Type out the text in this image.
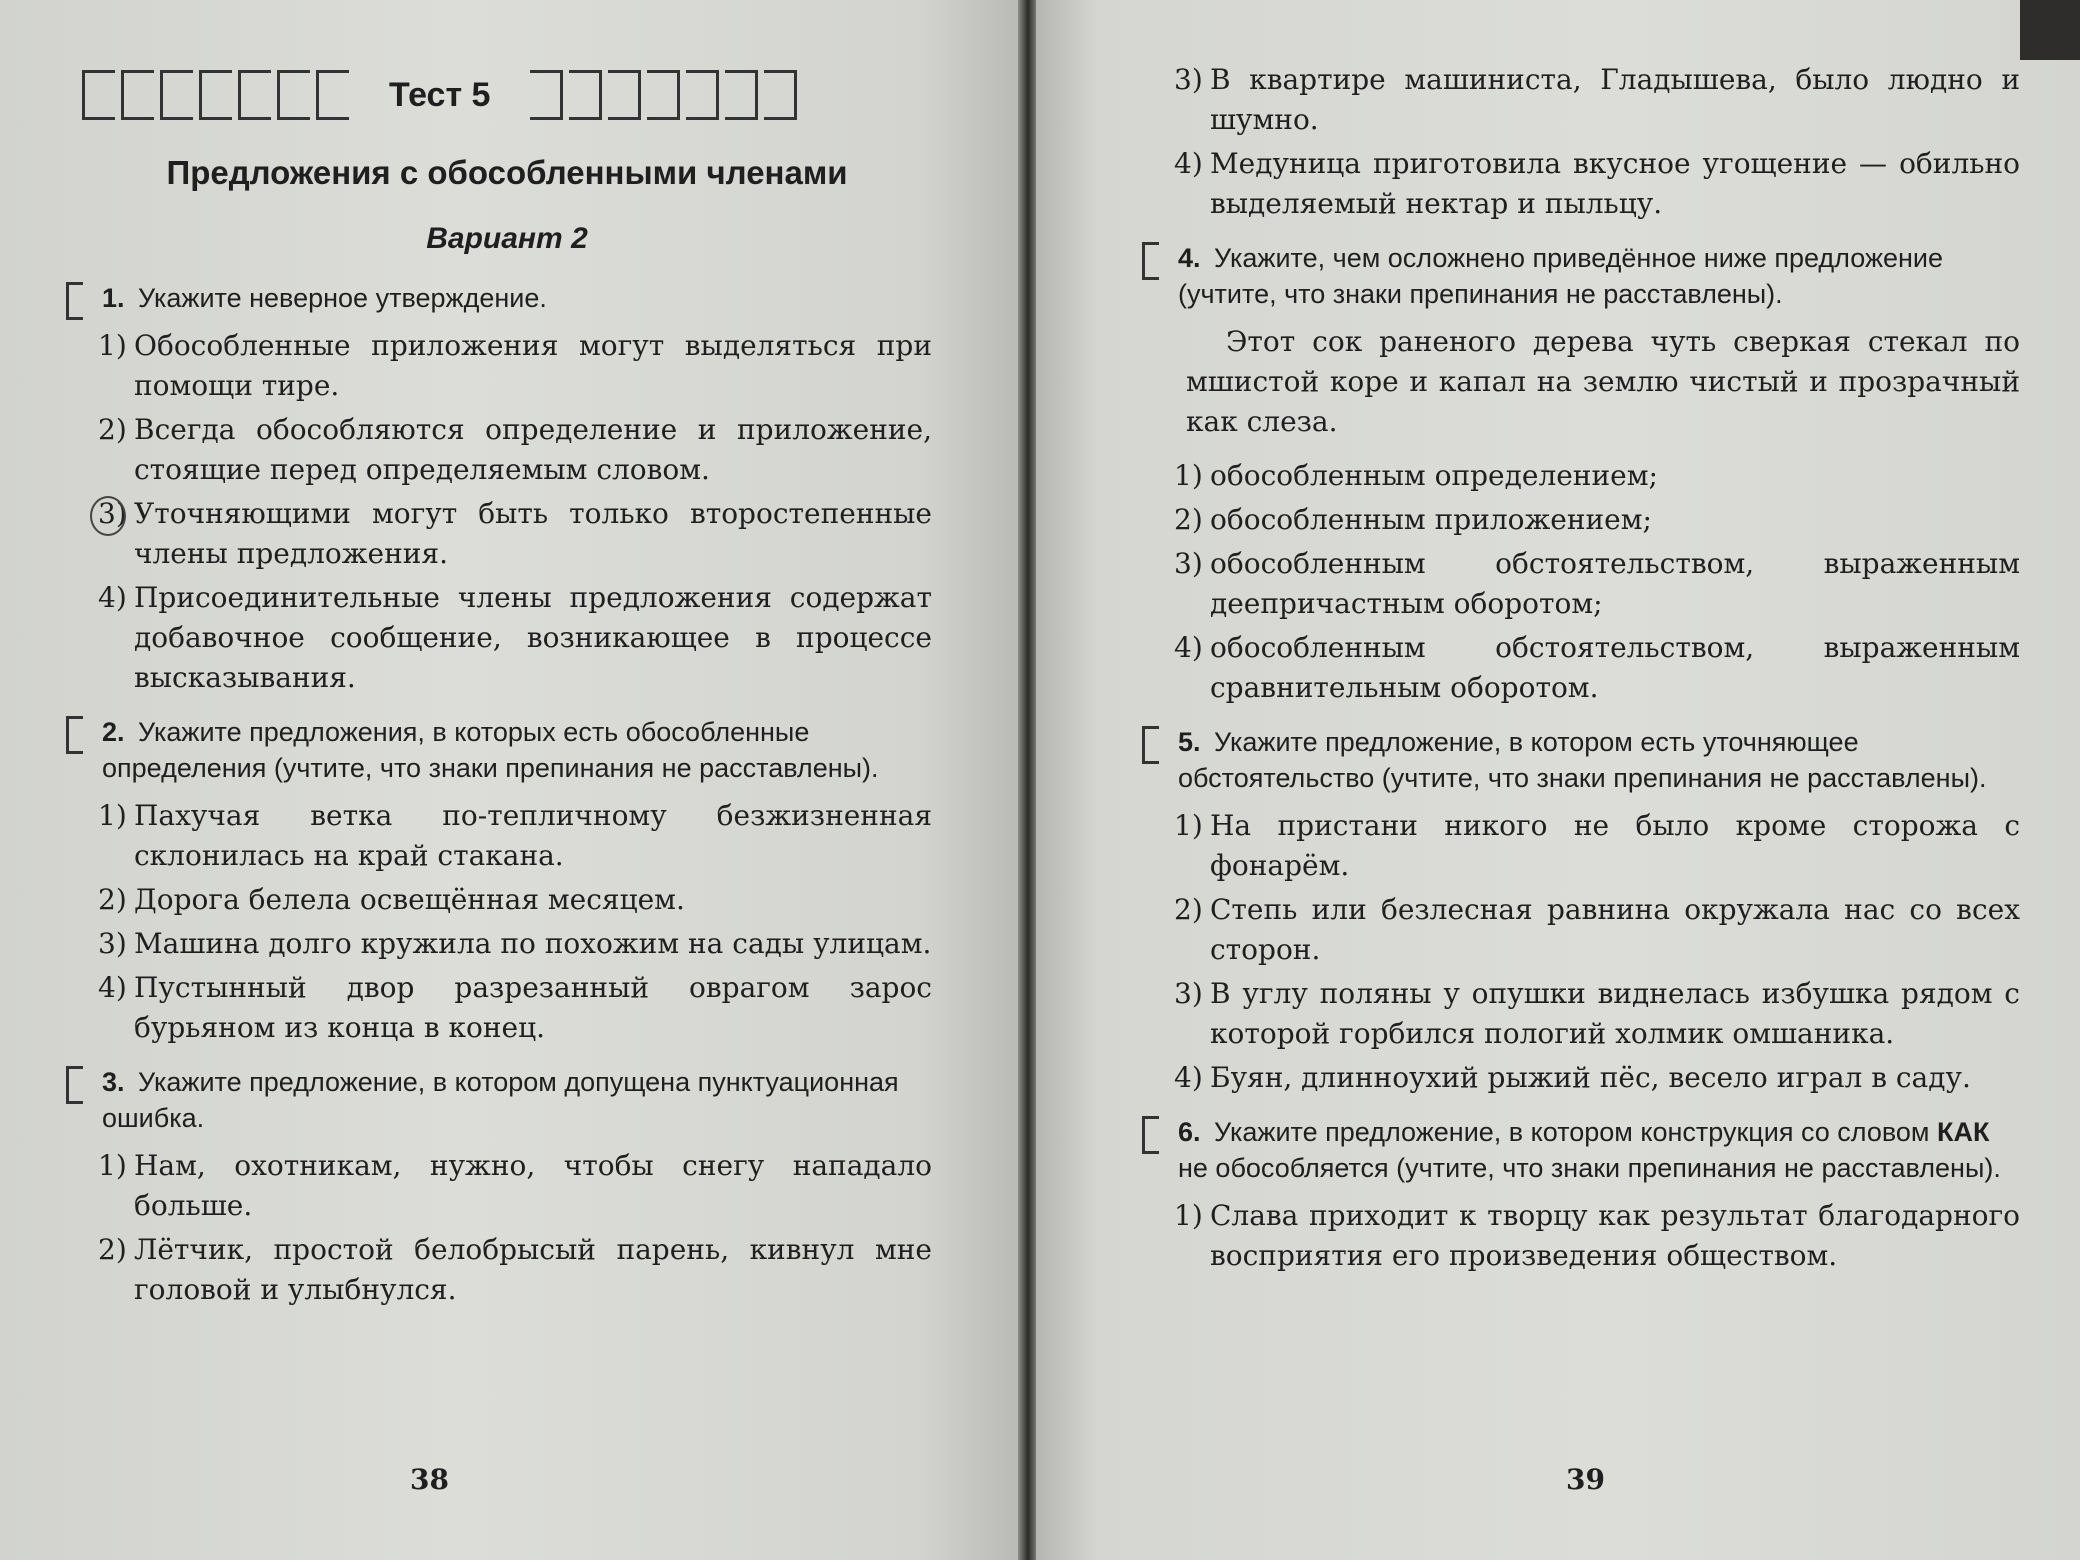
Тест 5
Предложения с обособленными членами
Вариант 2
1. Укажите неверное утверждение.
1) Обособленные приложения могут выделяться при помощи тире.
2) Всегда обособляются определение и приложение, стоящие перед определяемым словом.
3) Уточняющими могут быть только второстепенные члены предложения.
4) Присоединительные члены предложения содержат добавочное сообщение, возникающее в процессе высказывания.
2. Укажите предложения, в которых есть обособленные определения (учтите, что знаки препинания не расставлены).
1) Пахучая ветка по-тепличному безжизненная склонилась на край стакана.
2) Дорога белела освещённая месяцем.
3) Машина долго кружила по похожим на сады улицам.
4) Пустынный двор разрезанный оврагом зарос бурьяном из конца в конец.
3. Укажите предложение, в котором допущена пунктуационная ошибка.
1) Нам, охотникам, нужно, чтобы снегу нападало больше.
2) Лётчик, простой белобрысый парень, кивнул мне головой и улыбнулся.
38
3) В квартире машиниста, Гладышева, было людно и шумно.
4) Медуница приготовила вкусное угощение — обильно выделяемый нектар и пыльцу.
4. Укажите, чем осложнено приведённое ниже предложение (учтите, что знаки препинания не расставлены).
Этот сок раненого дерева чуть сверкая стекал по мшистой коре и капал на землю чистый и прозрачный как слеза.
1) обособленным определением;
2) обособленным приложением;
3) обособленным обстоятельством, выраженным деепричастным оборотом;
4) обособленным обстоятельством, выраженным сравнительным оборотом.
5. Укажите предложение, в котором есть уточняющее обстоятельство (учтите, что знаки препинания не расставлены).
1) На пристани никого не было кроме сторожа с фонарём.
2) Степь или безлесная равнина окружала нас со всех сторон.
3) В углу поляны у опушки виднелась избушка рядом с которой горбился пологий холмик омшаника.
4) Буян, длинноухий рыжий пёс, весело играл в саду.
6. Укажите предложение, в котором конструкция со словом КАК не обособляется (учтите, что знаки препинания не расставлены).
1) Слава приходит к творцу как результат благодарного восприятия его произведения обществом.
39
